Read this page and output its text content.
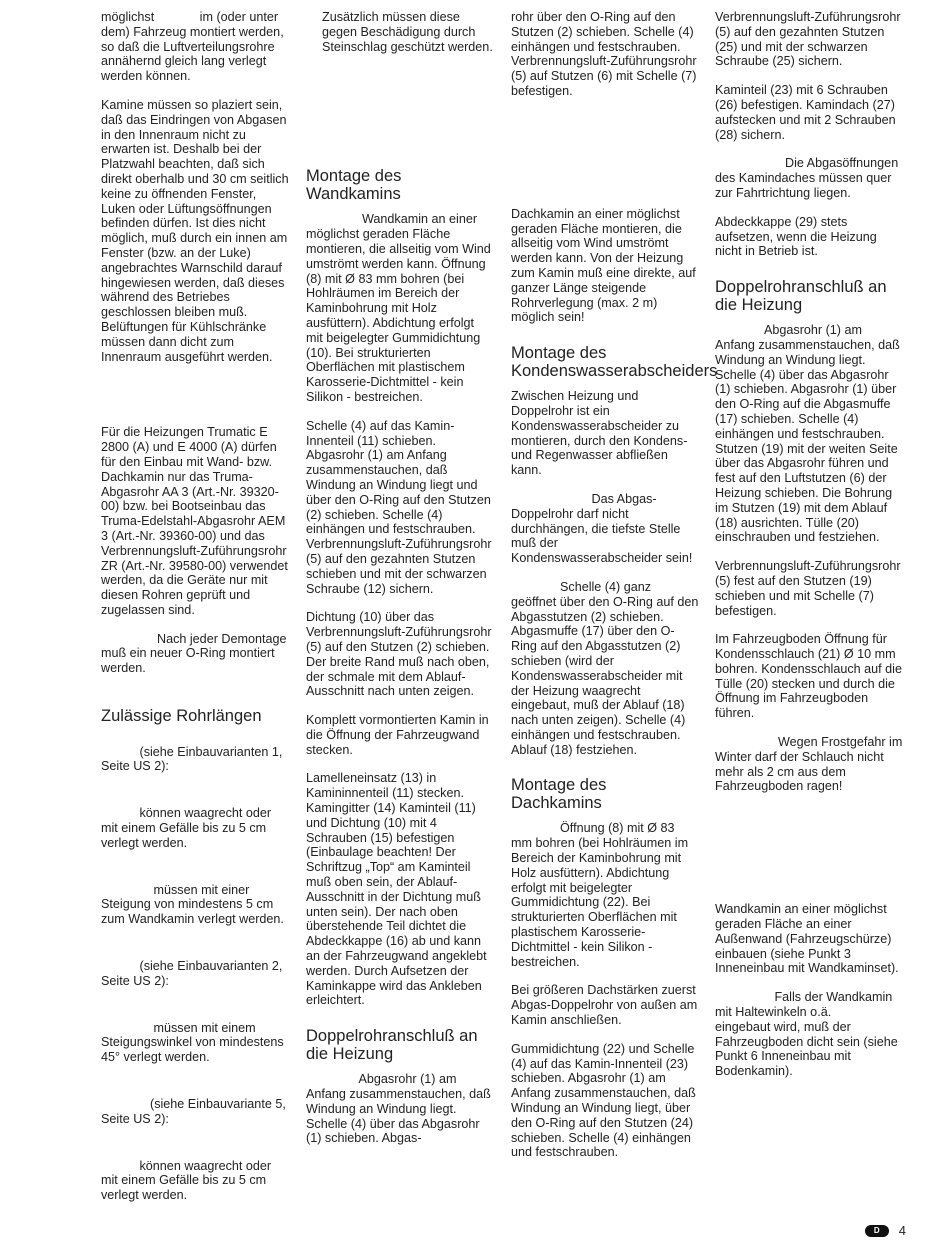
möglichst             im (oder unter dem) Fahrzeug montiert werden, so daß die Luftverteilungsrohre annähernd gleich lang verlegt werden können.

Kamine müssen so plaziert sein, daß das Eindringen von Abgasen in den Innenraum nicht zu erwarten ist. Deshalb bei der Platzwahl beachten, daß sich direkt oberhalb und 30 cm seitlich keine zu öffnenden Fenster, Luken oder Lüftungsöffnungen befinden dürfen. Ist dies nicht möglich, muß durch ein innen am Fenster (bzw. an der Luke) angebrachtes Warnschild darauf hingewiesen werden, daß dieses während des Betriebes geschlossen bleiben muß. Belüftungen für Kühlschränke müssen dann dicht zum Innenraum ausgeführt werden.

Für die Heizungen Trumatic E 2800 (A) und E 4000 (A) dürfen für den Einbau mit Wand- bzw. Dachkamin nur das Truma-Abgasrohr AA 3 (Art.-Nr. 39320-00) bzw. bei Bootseinbau das Truma-Edelstahl-Abgasrohr AEM 3 (Art.-Nr. 39360-00) und das Verbrennungsluft-Zuführungsrohr ZR (Art.-Nr. 39580-00) verwendet werden, da die Geräte nur mit diesen Rohren geprüft und zugelassen sind.

Nach jeder Demontage muß ein neuer O-Ring montiert werden.

Zulässige Rohrlängen

(siehe Einbauvarianten 1, Seite US 2):

können waagrecht oder mit einem Gefälle bis zu 5 cm verlegt werden.

müssen mit einer Steigung von mindestens 5 cm zum Wandkamin verlegt werden.

(siehe Einbauvarianten 2, Seite US 2):

müssen mit einem Steigungswinkel von mindestens 45° verlegt werden.

(siehe Einbauvariante 5, Seite US 2):

können waagrecht oder mit einem Gefälle bis zu 5 cm verlegt werden.

Zusätzlich müssen diese gegen Beschädigung durch Steinschlag geschützt werden.

Montage des Wandkamins

Wandkamin an einer möglichst geraden Fläche montieren, die allseitig vom Wind umströmt werden kann. Öffnung (8) mit Ø 83 mm bohren (bei Hohlräumen im Bereich der Kaminbohrung mit Holz ausfüttern). Abdichtung erfolgt mit beigelegter Gummidichtung (10). Bei strukturierten Oberflächen mit plastischem Karosserie-Dichtmittel - kein Silikon - bestreichen.

Schelle (4) auf das Kamin-Innenteil (11) schieben. Abgasrohr (1) am Anfang zusammenstauchen, daß Windung an Windung liegt und über den O-Ring auf den Stutzen (2) schieben. Schelle (4) einhängen und festschrauben. Verbrennungsluft-Zuführungsrohr (5) auf den gezahnten Stutzen schieben und mit der schwarzen Schraube (12) sichern.

Dichtung (10) über das Verbrennungsluft-Zuführungsrohr (5) auf den Stutzen (2) schieben. Der breite Rand muß nach oben, der schmale mit dem Ablauf-Ausschnitt nach unten zeigen.

Komplett vormontierten Kamin in die Öffnung der Fahrzeugwand stecken.

Lamelleneinsatz (13) in Kamininnenteil (11) stecken. Kamingitter (14) Kaminteil (11) und Dichtung (10) mit 4 Schrauben (15) befestigen (Einbaulage beachten! Der Schriftzug „Top“ am Kaminteil muß oben sein, der Ablauf-Ausschnitt in der Dichtung muß unten sein). Der nach oben überstehende Teil dichtet die Abdeckkappe (16) ab und kann an der Fahrzeugwand angeklebt werden. Durch Aufsetzen der Kaminkappe wird das Ankleben erleichtert.

Doppelrohranschluß an die Heizung

Abgasrohr (1) am Anfang zusammenstauchen, daß Windung an Windung liegt. Schelle (4) über das Abgasrohr (1) schieben. Abgas-

rohr über den O-Ring auf den Stutzen (2) schieben. Schelle (4) einhängen und festschrauben. Verbrennungsluft-Zuführungsrohr (5) auf Stutzen (6) mit Schelle (7) befestigen.

Dachkamin an einer möglichst geraden Fläche montieren, die allseitig vom Wind umströmt werden kann. Von der Heizung zum Kamin muß eine direkte, auf ganzer Länge steigende Rohrverlegung (max. 2 m) möglich sein!

Montage des Kondenswasserabscheiders

Zwischen Heizung und Doppelrohr ist ein Kondenswasserabscheider zu montieren, durch den Kondens- und Regenwasser abfließen kann.

Das Abgas-Doppelrohr darf nicht durchhängen, die tiefste Stelle muß der Kondenswasserabscheider sein!

Schelle (4) ganz geöffnet über den O-Ring auf den Abgasstutzen (2) schieben. Abgasmuffe (17) über den O-Ring auf den Abgasstutzen (2) schieben (wird der Kondenswasserabscheider mit der Heizung waagrecht eingebaut, muß der Ablauf (18) nach unten zeigen). Schelle (4) einhängen und festschrauben. Ablauf (18) festziehen.

Montage des Dachkamins

Öffnung (8) mit Ø 83 mm bohren (bei Hohlräumen im Bereich der Kaminbohrung mit Holz ausfüttern). Abdichtung erfolgt mit beigelegter Gummidichtung (22). Bei strukturierten Oberflächen mit plastischem Karosserie-Dichtmittel - kein Silikon - bestreichen.

Bei größeren Dachstärken zuerst Abgas-Doppelrohr von außen am Kamin anschließen.

Gummidichtung (22) und Schelle (4) auf das Kamin-Innenteil (23) schieben. Abgasrohr (1) am Anfang zusammenstauchen, daß Windung an Windung liegt, über den O-Ring auf den Stutzen (24) schieben. Schelle (4) einhängen und festschrauben.

Verbrennungsluft-Zuführungsrohr (5) auf den gezahnten Stutzen (25) und mit der schwarzen Schraube (25) sichern.

Kaminteil (23) mit 6 Schrauben (26) befestigen. Kamindach (27) aufstecken und mit 2 Schrauben (28) sichern.

Die Abgasöffnungen des Kamindaches müssen quer zur Fahrtrichtung liegen.

Abdeckkappe (29) stets aufsetzen, wenn die Heizung nicht in Betrieb ist.

Doppelrohranschluß an die Heizung

Abgasrohr (1) am Anfang zusammenstauchen, daß Windung an Windung liegt. Schelle (4) über das Abgasrohr (1) schieben. Abgasrohr (1) über den O-Ring auf die Abgasmuffe (17) schieben. Schelle (4) einhängen und festschrauben. Stutzen (19) mit der weiten Seite über das Abgasrohr führen und fest auf den Luftstutzen (6) der Heizung schieben. Die Bohrung im Stutzen (19) mit dem Ablauf (18) ausrichten. Tülle (20) einschrauben und festziehen.

Verbrennungsluft-Zuführungsrohr (5) fest auf den Stutzen (19) schieben und mit Schelle (7) befestigen.

Im Fahrzeugboden Öffnung für Kondensschlauch (21) Ø 10 mm bohren. Kondensschlauch auf die Tülle (20) stecken und durch die Öffnung im Fahrzeugboden führen.

Wegen Frostgefahr im Winter darf der Schlauch nicht mehr als 2 cm aus dem Fahrzeugboden ragen!

Wandkamin an einer möglichst geraden Fläche an einer Außenwand (Fahrzeugschürze) einbauen (siehe Punkt 3 Inneneinbau mit Wandkaminset).

Falls der Wandkamin mit Haltewinkeln o.ä.                  eingebaut wird, muß der Fahrzeugboden dicht sein (siehe Punkt 6 Inneneinbau mit Bodenkamin).

D	4
